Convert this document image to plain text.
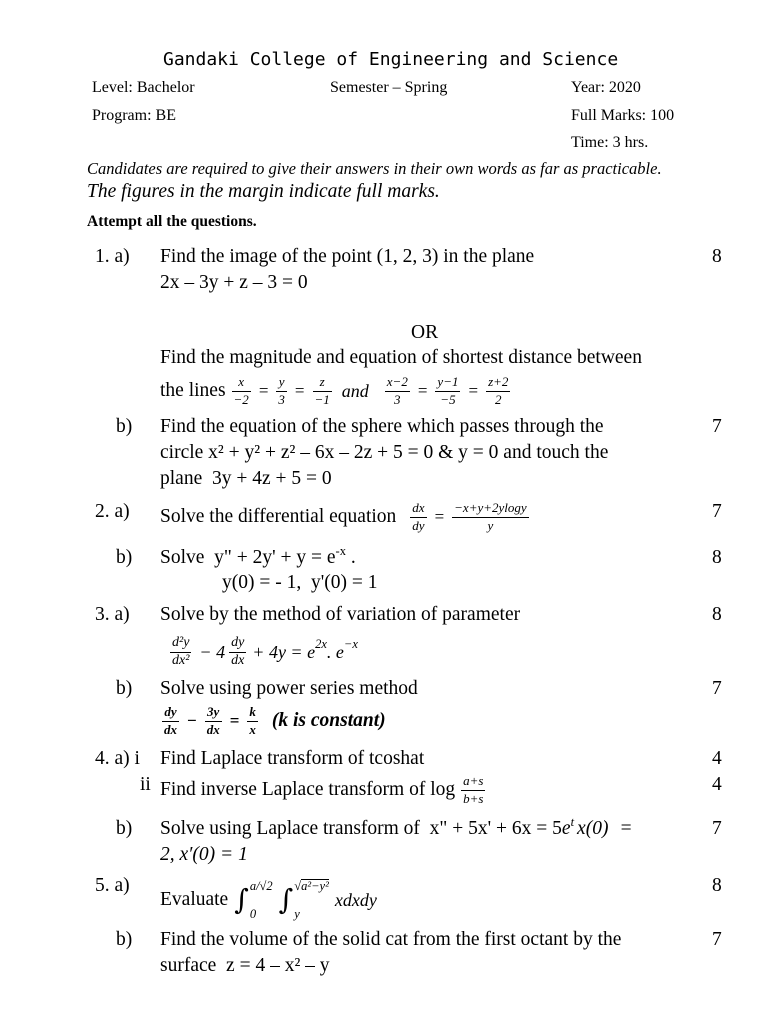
Gandaki College of Engineering and Science
Level: Bachelor	Semester – Spring	Year: 2020
Program: BE	Full Marks: 100
Time: 3 hrs.
Candidates are required to give their answers in their own words as far as practicable.
The figures in the margin indicate full marks.
Attempt all the questions.
1. a) Find the image of the point (1, 2, 3) in the plane	8
2x – 3y + z – 3 = 0
OR
Find the magnitude and equation of shortest distance between
the lines $\frac{x}{-2} = \frac{y}{3} = \frac{z}{-1}$ and $\frac{x-2}{3} = \frac{y-1}{-5} = \frac{z+2}{2}$
b) Find the equation of the sphere which passes through the	7
circle x² + y² + z² – 6x – 2z + 5 = 0 & y = 0 and touch the
plane  3y + 4z + 5 = 0
2. a) Solve the differential equation $\frac{dx}{dy} = \frac{-x+y+2ylogy}{y}$	7
b) Solve  y" + 2y' + y = e -x .	8
y(0) = - 1,  y'(0) = 1
3. a) Solve by the method of variation of parameter	8
$\frac{\text{d²y}}{\text{dx²}} - 4 \frac{dy}{dx} + 4y = e$ 2x . e −x
b) Solve using power series method	7
$\frac{dy}{dx} - \frac{3y}{dx} = \frac{k}{x} (k$ is constant)
4. a) i Find Laplace transform of tcoshat	4
ii Find inverse Laplace transform of $\log \frac{a+s}{b+s}$	4
b) Solve using Laplace transform of  x" + 5x' + 6x = 5 e t x(0) =	7
2, x′(0) = 1
5. a)	8
Evaluate ∫ a/√2
0 ∫ √ a²−y²
y
xdxdy
b) Find the volume of the solid cat from the first octant by the	7
surface  z = 4 – x² – y
